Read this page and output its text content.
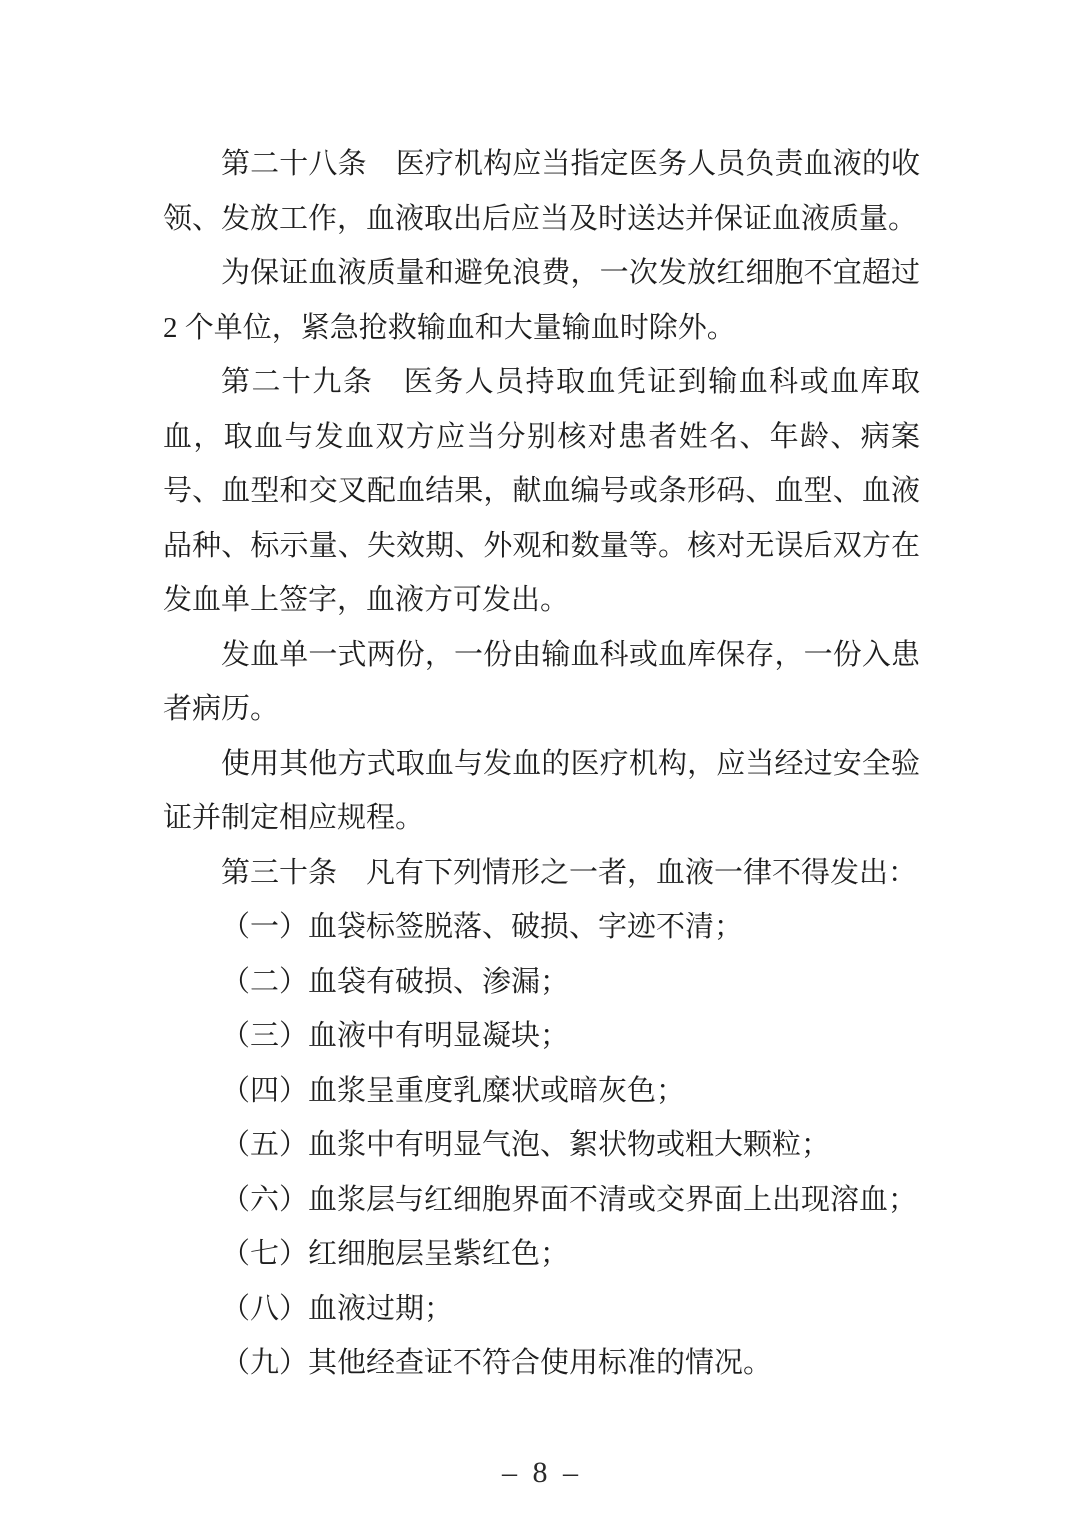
第二十八条　医疗机构应当指定医务人员负责血液的收领、发放工作，血液取出后应当及时送达并保证血液质量。

为保证血液质量和避免浪费，一次发放红细胞不宜超过 2 个单位，紧急抢救输血和大量输血时除外。

第二十九条　医务人员持取血凭证到输血科或血库取血，取血与发血双方应当分别核对患者姓名、年龄、病案号、血型和交叉配血结果，献血编号或条形码、血型、血液品种、标示量、失效期、外观和数量等。核对无误后双方在发血单上签字，血液方可发出。

发血单一式两份，一份由输血科或血库保存，一份入患者病历。

使用其他方式取血与发血的医疗机构，应当经过安全验证并制定相应规程。

第三十条　凡有下列情形之一者，血液一律不得发出：

（一）血袋标签脱落、破损、字迹不清；

（二）血袋有破损、渗漏；

（三）血液中有明显凝块；

（四）血浆呈重度乳糜状或暗灰色；

（五）血浆中有明显气泡、絮状物或粗大颗粒；

（六）血浆层与红细胞界面不清或交界面上出现溶血；

（七）红细胞层呈紫红色；

（八）血液过期；

（九）其他经查证不符合使用标准的情况。

– 8 –
